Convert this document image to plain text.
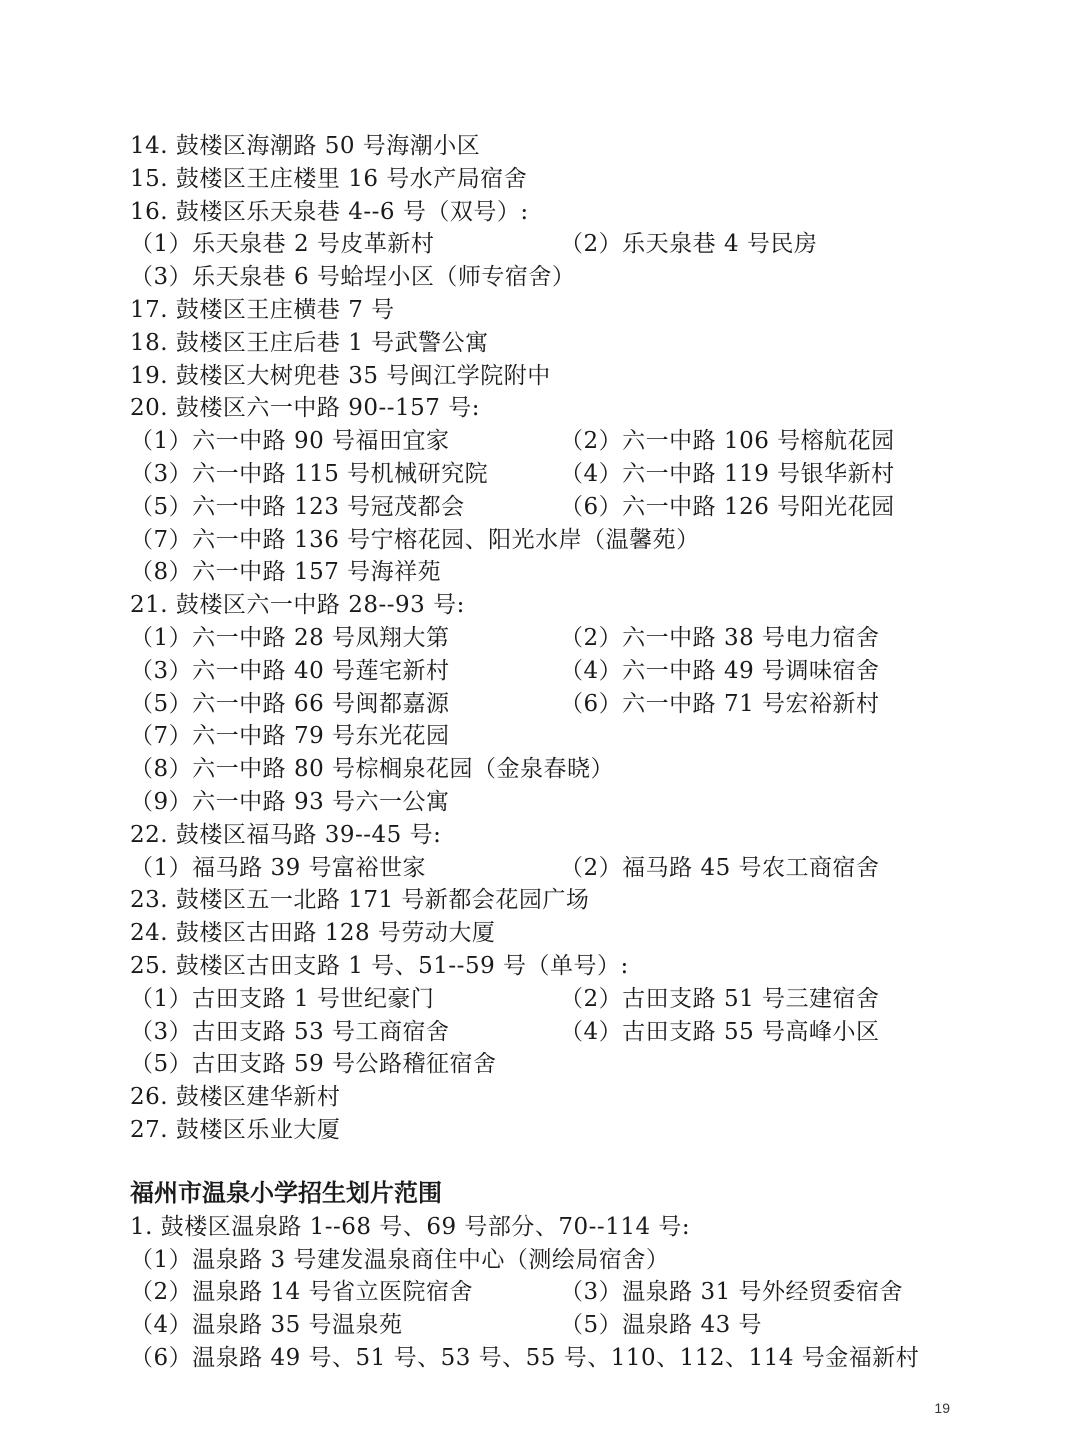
14. 鼓楼区海潮路 50 号海潮小区
15. 鼓楼区王庄楼里 16 号水产局宿舍
16. 鼓楼区乐天泉巷 4--6 号（双号）:
（1）乐天泉巷 2 号皮革新村	（2）乐天泉巷 4 号民房
（3）乐天泉巷 6 号蛤埕小区（师专宿舍）
17. 鼓楼区王庄横巷 7 号
18. 鼓楼区王庄后巷 1 号武警公寓
19. 鼓楼区大树兜巷 35 号闽江学院附中
20. 鼓楼区六一中路 90--157 号:
（1）六一中路 90 号福田宜家	（2）六一中路 106 号榕航花园
（3）六一中路 115 号机械研究院	（4）六一中路 119 号银华新村
（5）六一中路 123 号冠茂都会	（6）六一中路 126 号阳光花园
（7）六一中路 136 号宁榕花园、阳光水岸（温馨苑）
（8）六一中路 157 号海祥苑
21. 鼓楼区六一中路 28--93 号:
（1）六一中路 28 号凤翔大第	（2）六一中路 38 号电力宿舍
（3）六一中路 40 号莲宅新村	（4）六一中路 49 号调味宿舍
（5）六一中路 66 号闽都嘉源	（6）六一中路 71 号宏裕新村
（7）六一中路 79 号东光花园
（8）六一中路 80 号棕榈泉花园（金泉春晓）
（9）六一中路 93 号六一公寓
22. 鼓楼区福马路 39--45 号:
（1）福马路 39 号富裕世家	（2）福马路 45 号农工商宿舍
23. 鼓楼区五一北路 171 号新都会花园广场
24. 鼓楼区古田路 128 号劳动大厦
25. 鼓楼区古田支路 1 号、51--59 号（单号）:
（1）古田支路 1 号世纪豪门	（2）古田支路 51 号三建宿舍
（3）古田支路 53 号工商宿舍	（4）古田支路 55 号高峰小区
（5）古田支路 59 号公路稽征宿舍
26. 鼓楼区建华新村
27. 鼓楼区乐业大厦
福州市温泉小学招生划片范围
1. 鼓楼区温泉路 1--68 号、69 号部分、70--114 号:
（1）温泉路 3 号建发温泉商住中心（测绘局宿舍）
（2）温泉路 14 号省立医院宿舍	（3）温泉路 31 号外经贸委宿舍
（4）温泉路 35 号温泉苑	（5）温泉路 43 号
（6）温泉路 49 号、51 号、53 号、55 号、110、112、114 号金福新村
19
